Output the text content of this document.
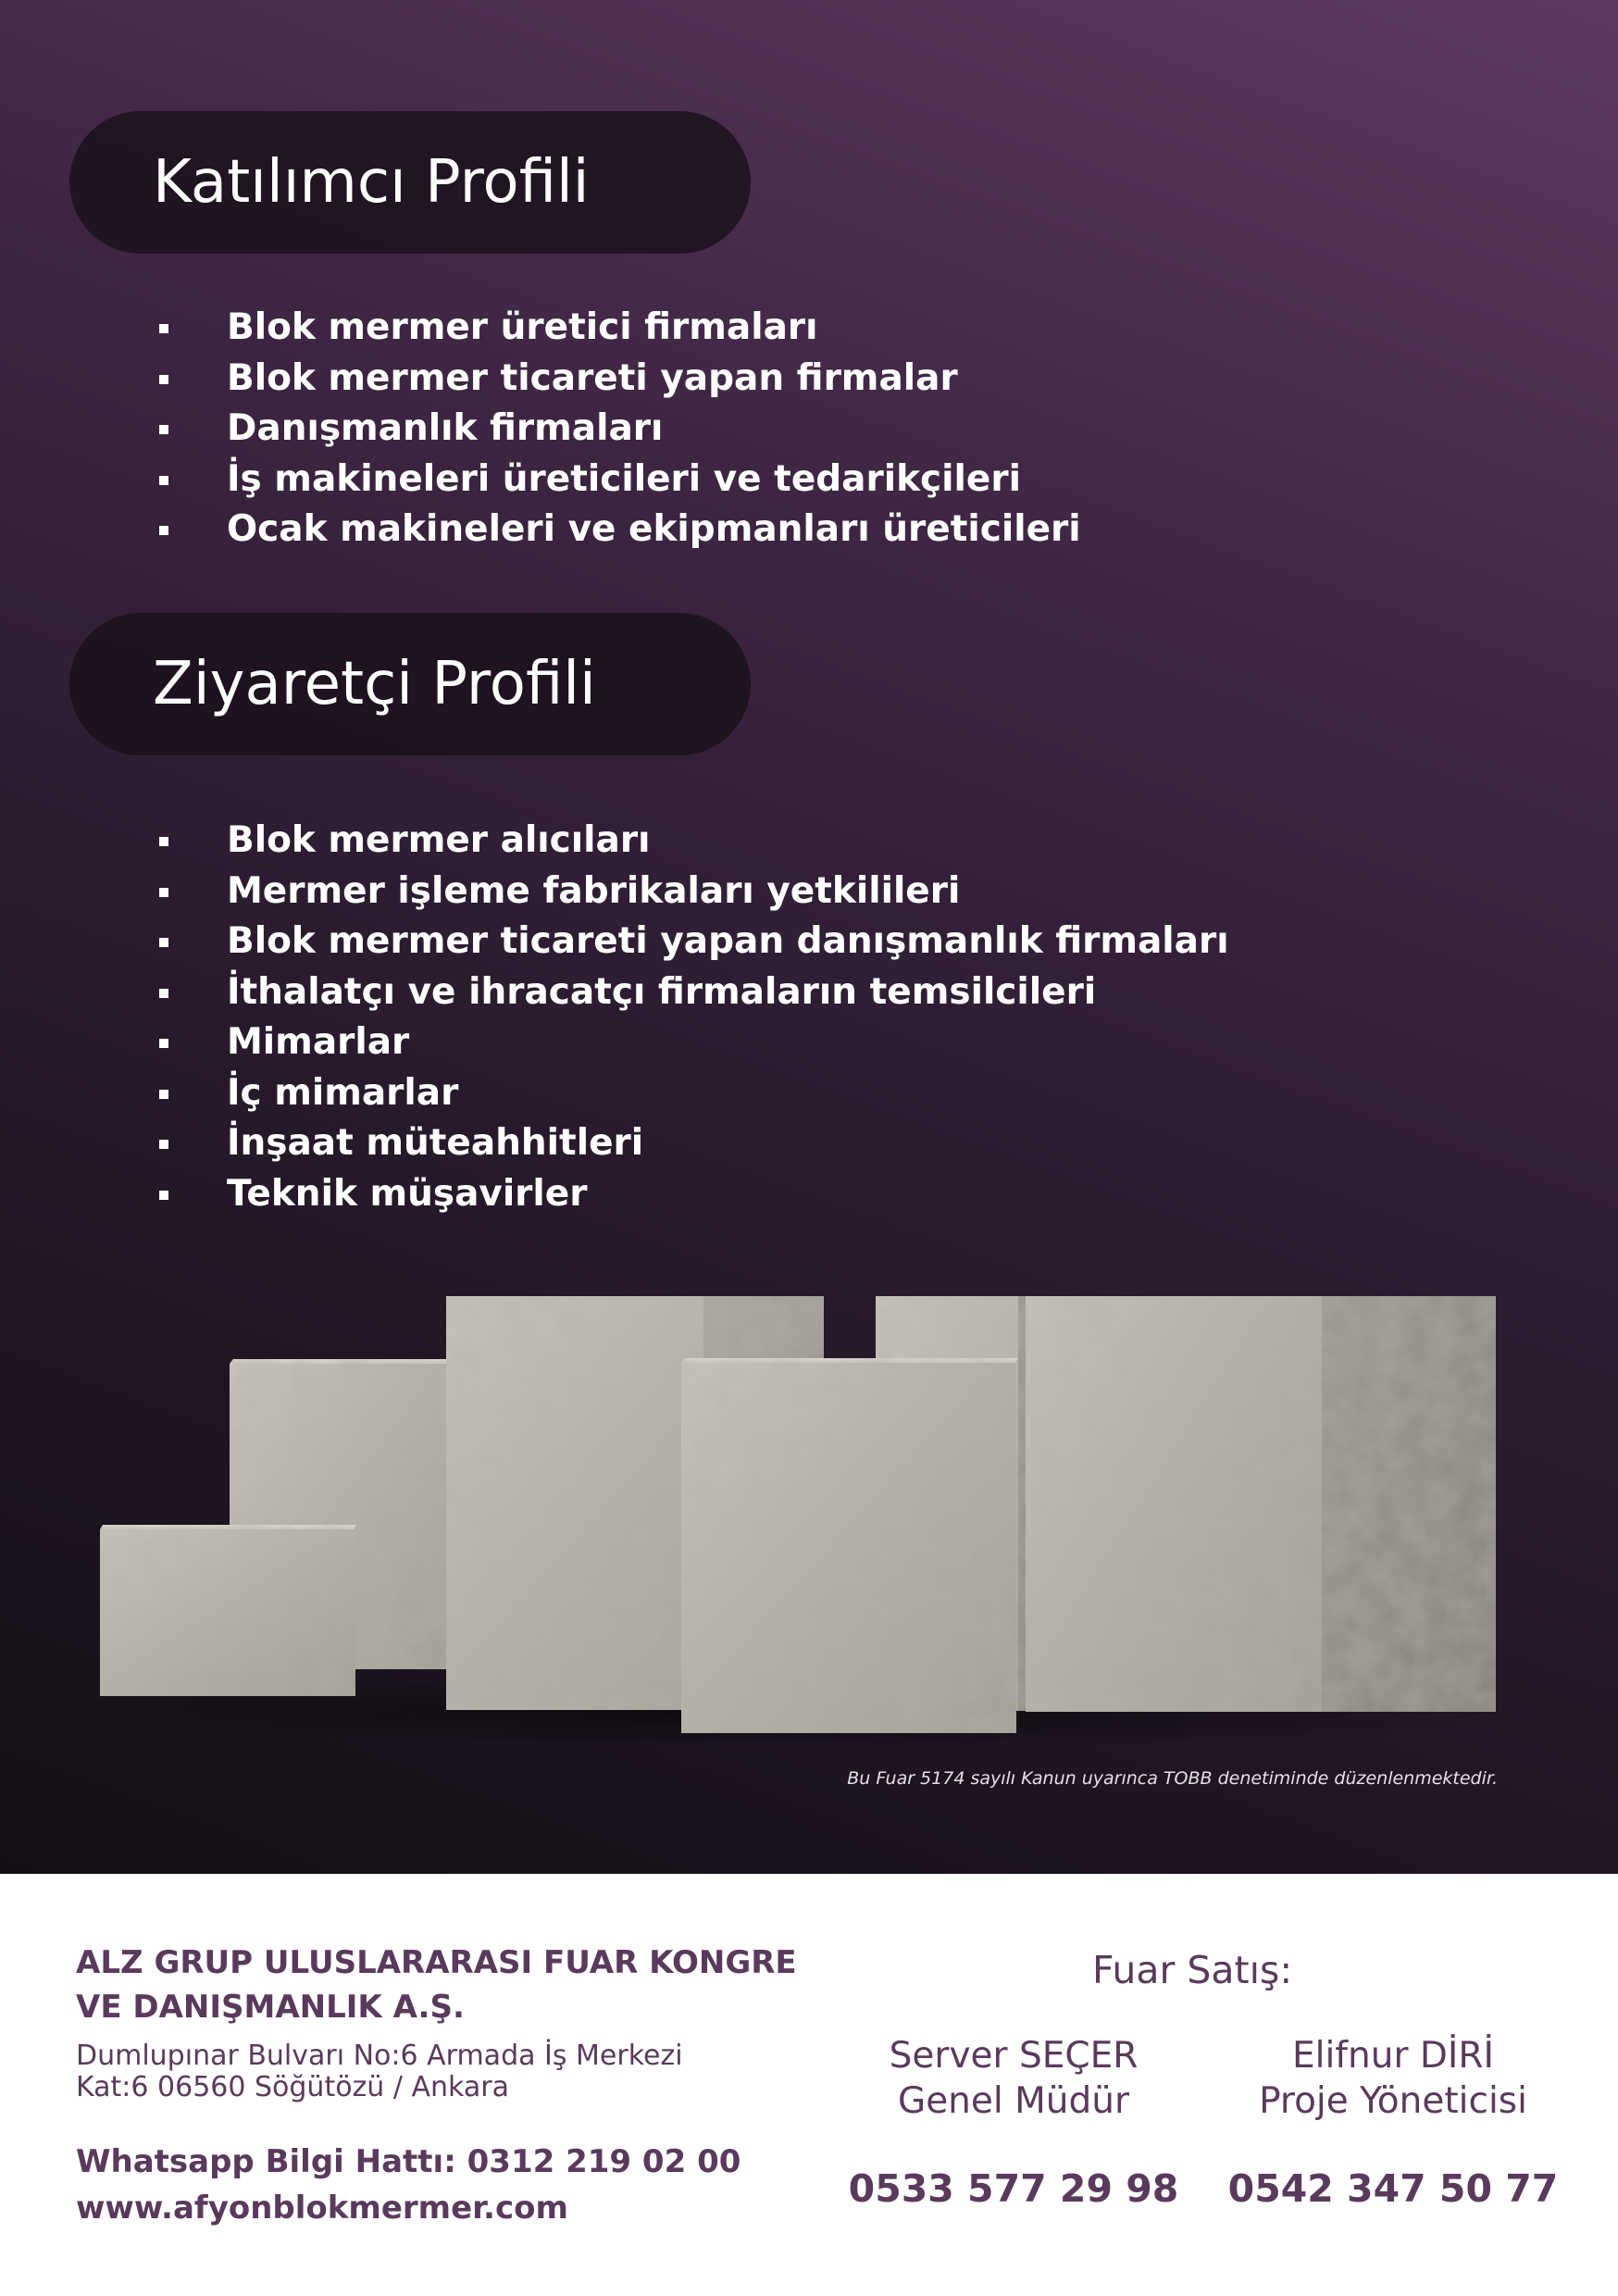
Katılımcı Profili
Blok mermer üretici firmaları
Blok mermer ticareti yapan firmalar
Danışmanlık firmaları
İş makineleri üreticileri ve tedarikçileri
Ocak makineleri ve ekipmanları üreticileri
Ziyaretçi Profili
Blok mermer alıcıları
Mermer işleme fabrikaları yetkilileri
Blok mermer ticareti yapan danışmanlık firmaları
İthalatçı ve ihracatçı firmaların temsilcileri
Mimarlar
İç mimarlar
İnşaat müteahhitleri
Teknik müşavirler
Bu Fuar 5174 sayılı Kanun uyarınca TOBB denetiminde düzenlenmektedir.
ALZ GRUP ULUSLARARASI FUAR KONGRE
VE DANIŞMANLIK A.Ş.
Dumlupınar Bulvarı No:6 Armada İş Merkezi
Kat:6 06560 Söğütözü / Ankara
Whatsapp Bilgi Hattı: 0312 219 02 00
www.afyonblokmermer.com
Fuar Satış:
Server SEÇER
Genel Müdür
Elifnur DİRİ
Proje Yöneticisi
0533 577 29 98	0542 347 50 77
